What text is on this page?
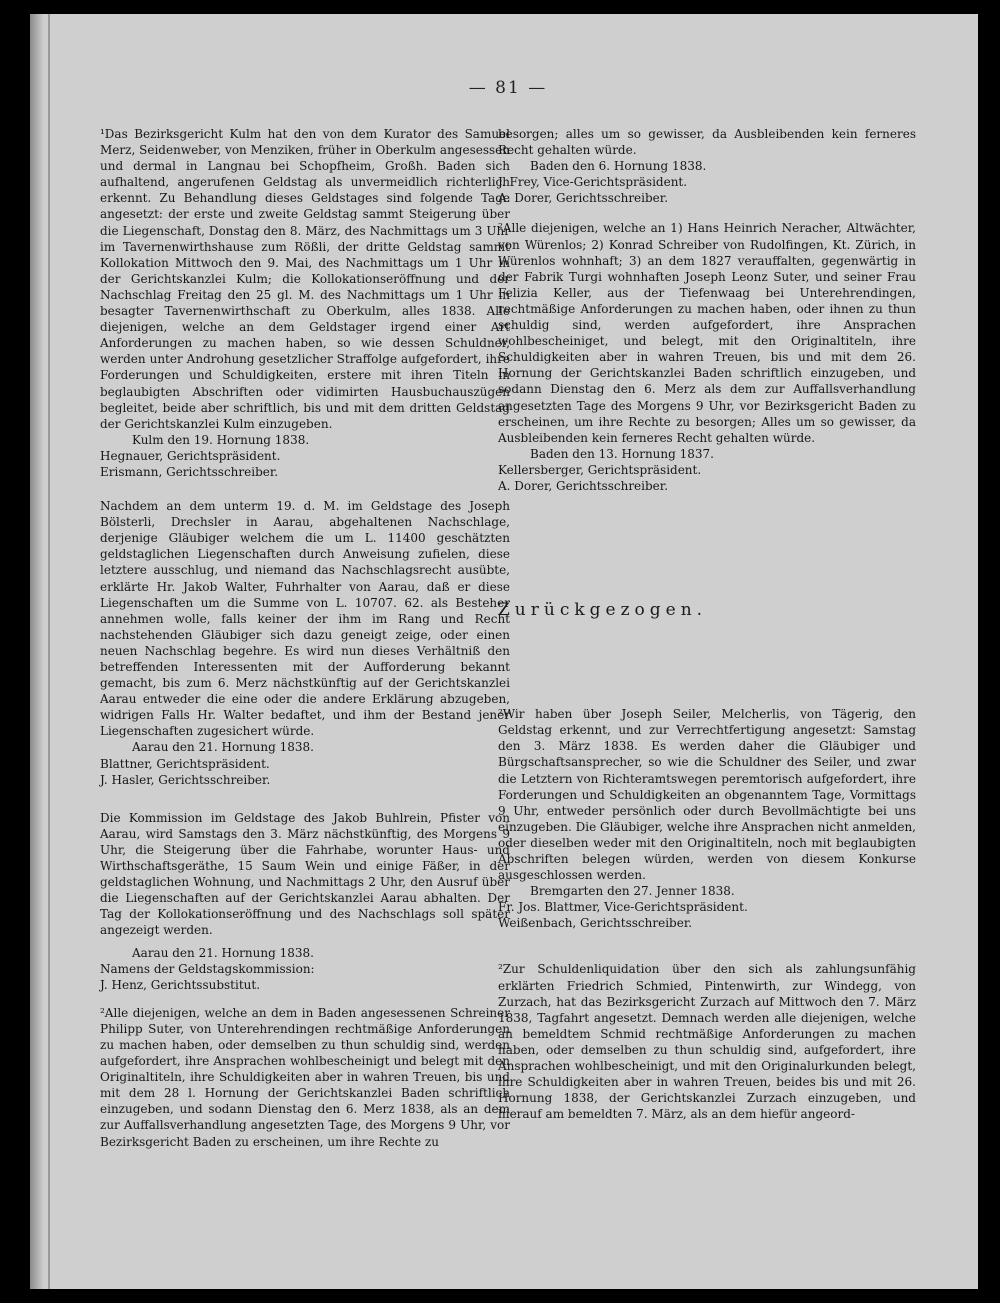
— 81 —

¹Das Bezirksgericht Kulm hat den von dem Kurator des Samuel Merz, Seidenweber, von Menziken, früher in Oberkulm angesessen und dermal in Langnau bei Schopfheim, Großh. Baden sich aufhaltend, angerufenen Geldstag als unvermeidlich richterlich erkennt. Zu Behandlung dieses Geldstages sind folgende Tage angesetzt: der erste und zweite Geldstag sammt Steigerung über die Liegenschaft, Donstag den 8. März, des Nachmittags um 3 Uhr im Tavernenwirthshause zum Rößli, der dritte Geldstag sammt Kollokation Mittwoch den 9. Mai, des Nachmittags um 1 Uhr in der Gerichtskanzlei Kulm; die Kollokationseröffnung und der Nachschlag Freitag den 25 gl. M. des Nachmittags um 1 Uhr in besagter Tavernenwirthschaft zu Oberkulm, alles 1838. Alle diejenigen, welche an dem Geldstager irgend einer Art Anforderungen zu machen haben, so wie dessen Schuldner, werden unter Androhung gesetzlicher Straffolge aufgefordert, ihre Forderungen und Schuldigkeiten, erstere mit ihren Titeln in beglaubigten Abschriften oder vidimirten Hausbuchauszügen begleitet, beide aber schriftlich, bis und mit dem dritten Geldstag der Gerichtskanzlei Kulm einzugeben.

Kulm den 19. Hornung 1838.

Hegnauer, Gerichtspräsident.

Erismann, Gerichtsschreiber.

Nachdem an dem unterm 19. d. M. im Geldstage des Joseph Bölsterli, Drechsler in Aarau, abgehaltenen Nachschlage, derjenige Gläubiger welchem die um L. 11400 geschätzten geldstaglichen Liegenschaften durch Anweisung zufielen, diese letztere ausschlug, und niemand das Nachschlagsrecht ausübte, erklärte Hr. Jakob Walter, Fuhrhalter von Aarau, daß er diese Liegenschaften um die Summe von L. 10707. 62. als Besteher annehmen wolle, falls keiner der ihm im Rang und Recht nachstehenden Gläubiger sich dazu geneigt zeige, oder einen neuen Nachschlag begehre. Es wird nun dieses Verhältniß den betreffenden Interessenten mit der Aufforderung bekannt gemacht, bis zum 6. Merz nächstkünftig auf der Gerichtskanzlei Aarau entweder die eine oder die andere Erklärung abzugeben, widrigen Falls Hr. Walter bedaftet, und ihm der Bestand jener Liegenschaften zugesichert würde.

Aarau den 21. Hornung 1838.

Blattner, Gerichtspräsident.

J. Hasler, Gerichtsschreiber.

Die Kommission im Geldstage des Jakob Buhlrein, Pfister von Aarau, wird Samstags den 3. März nächstkünftig, des Morgens 9 Uhr, die Steigerung über die Fahrhabe, worunter Haus- und Wirthschaftsgeräthe, 15 Saum Wein und einige Fäßer, in der geldstaglichen Wohnung, und Nachmittags 2 Uhr, den Ausruf über die Liegenschaften auf der Gerichtskanzlei Aarau abhalten. Der Tag der Kollokationseröffnung und des Nachschlags soll später angezeigt werden.

Aarau den 21. Hornung 1838.

Namens der Geldstagskommission:

J. Henz, Gerichtssubstitut.

²Alle diejenigen, welche an dem in Baden angesessenen Schreiner Philipp Suter, von Unterehrendingen rechtmäßige Anforderungen zu machen haben, oder demselben zu thun schuldig sind, werden aufgefordert, ihre Ansprachen wohlbescheinigt und belegt mit den Originaltiteln, ihre Schuldigkeiten aber in wahren Treuen, bis und mit dem 28 l. Hornung der Gerichtskanzlei Baden schriftlich einzugeben, und sodann Dienstag den 6. Merz 1838, als an dem zur Auffallsverhandlung angesetzten Tage, des Morgens 9 Uhr, vor Bezirksgericht Baden zu erscheinen, um ihre Rechte zu

besorgen; alles um so gewisser, da Ausbleibenden kein ferneres Recht gehalten würde.

Baden den 6. Hornung 1838.

J. Frey, Vice-Gerichtspräsident.

A. Dorer, Gerichtsschreiber.

²Alle diejenigen, welche an 1) Hans Heinrich Neracher, Altwächter, von Würenlos; 2) Konrad Schreiber von Rudolfingen, Kt. Zürich, in Würenlos wohnhaft; 3) an dem 1827 verauffalten, gegenwärtig in der Fabrik Turgi wohnhaften Joseph Leonz Suter, und seiner Frau Felizia Keller, aus der Tiefenwaag bei Unterehrendingen, rechtmäßige Anforderungen zu machen haben, oder ihnen zu thun schuldig sind, werden aufgefordert, ihre Ansprachen wohlbescheiniget, und belegt, mit den Originaltiteln, ihre Schuldigkeiten aber in wahren Treuen, bis und mit dem 26. Hornung der Gerichtskanzlei Baden schriftlich einzugeben, und sodann Dienstag den 6. Merz als dem zur Auffallsverhandlung angesetzten Tage des Morgens 9 Uhr, vor Bezirksgericht Baden zu erscheinen, um ihre Rechte zu besorgen; Alles um so gewisser, da Ausbleibenden kein ferneres Recht gehalten würde.

Baden den 13. Hornung 1837.

Kellersberger, Gerichtspräsident.

A. Dorer, Gerichtsschreiber.

Zurückgezogen.

²Wir haben über Joseph Seiler, Melcherlis, von Tägerig, den Geldstag erkennt, und zur Verrechtfertigung angesetzt: Samstag den 3. März 1838. Es werden daher die Gläubiger und Bürgschaftsansprecher, so wie die Schuldner des Seiler, und zwar die Letztern von Richteramtswegen peremtorisch aufgefordert, ihre Forderungen und Schuldigkeiten an obgenanntem Tage, Vormittags 9 Uhr, entweder persönlich oder durch Bevollmächtigte bei uns einzugeben. Die Gläubiger, welche ihre Ansprachen nicht anmelden, oder dieselben weder mit den Originaltiteln, noch mit beglaubigten Abschriften belegen würden, werden von diesem Konkurse ausgeschlossen werden.

Bremgarten den 27. Jenner 1838.

Fr. Jos. Blattmer, Vice-Gerichtspräsident.

Weißenbach, Gerichtsschreiber.

²Zur Schuldenliquidation über den sich als zahlungsunfähig erklärten Friedrich Schmied, Pintenwirth, zur Windegg, von Zurzach, hat das Bezirksgericht Zurzach auf Mittwoch den 7. März 1838, Tagfahrt angesetzt. Demnach werden alle diejenigen, welche an bemeldtem Schmid rechtmäßige Anforderungen zu machen haben, oder demselben zu thun schuldig sind, aufgefordert, ihre Ansprachen wohlbescheinigt, und mit den Originalurkunden belegt, ihre Schuldigkeiten aber in wahren Treuen, beides bis und mit 26. Hornung 1838, der Gerichtskanzlei Zurzach einzugeben, und hierauf am bemeldten 7. März, als an dem hiefür angeord-
